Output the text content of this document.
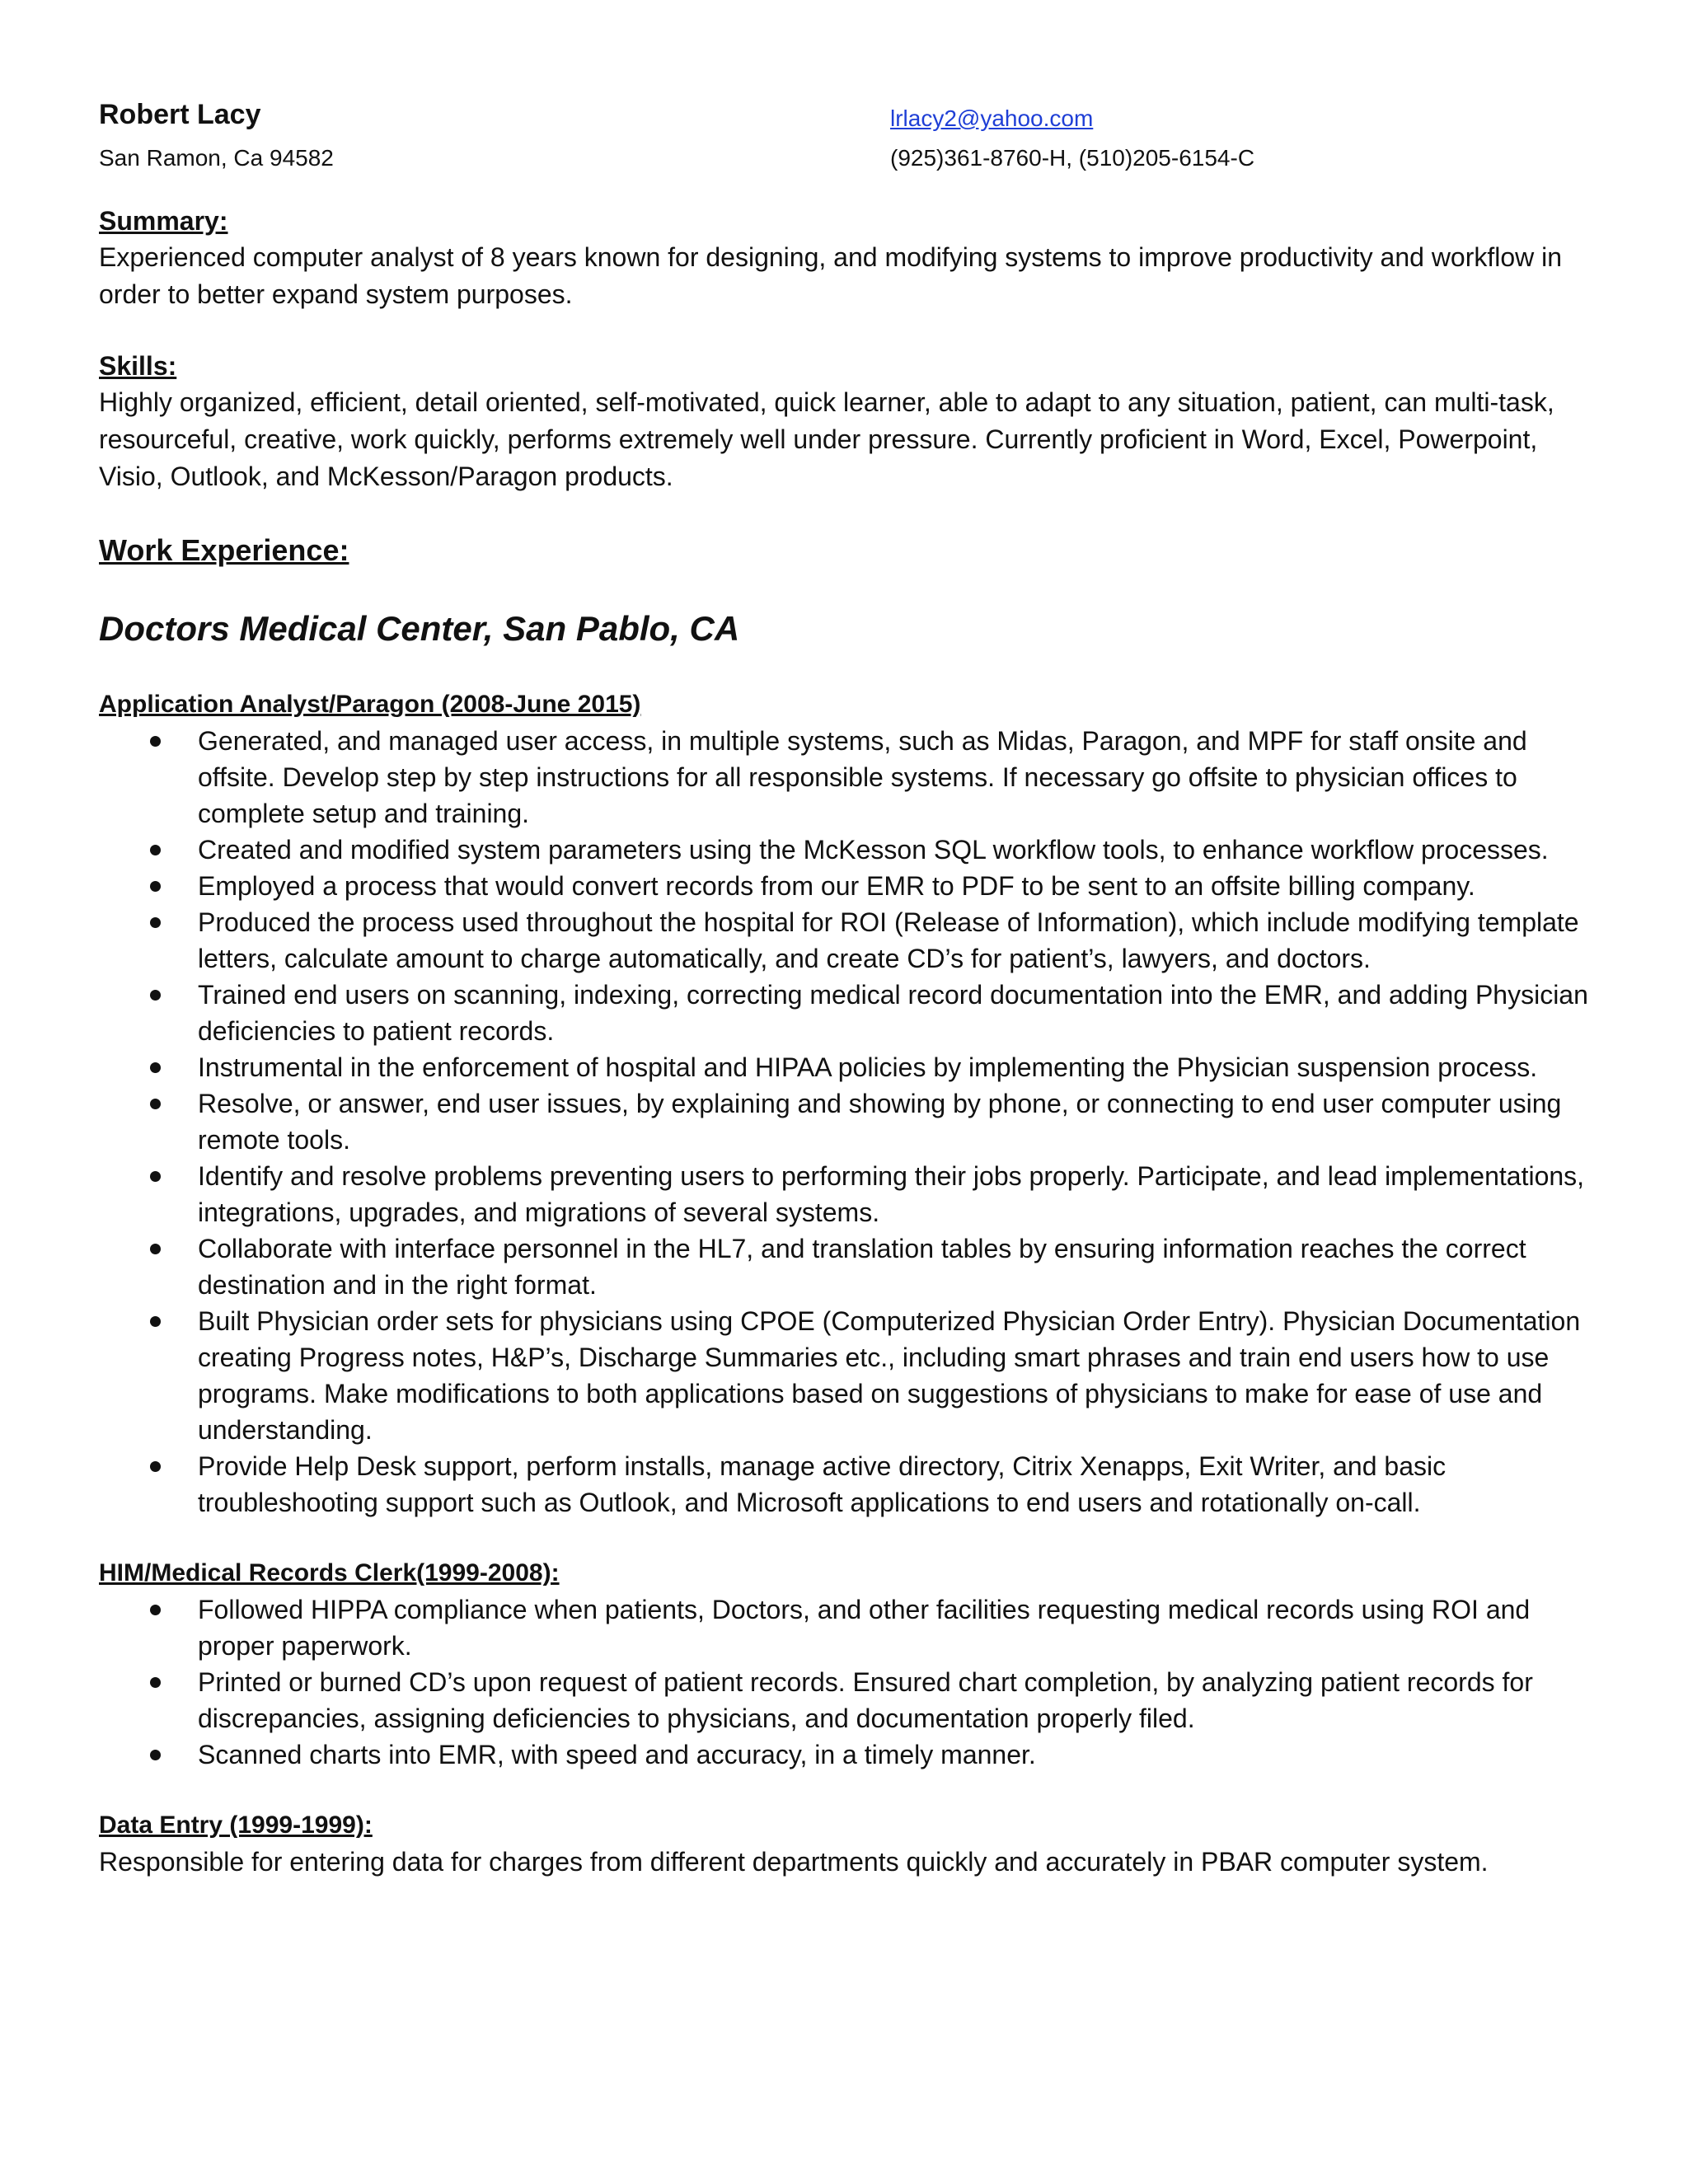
Robert Lacy	lrlacy2@yahoo.com
San Ramon, Ca 94582	(925)361-8760-H, (510)205-6154-C
Summary:
Experienced computer analyst of 8 years known for designing, and modifying systems to improve productivity and workflow in order to better expand system purposes.
Skills:
Highly organized, efficient, detail oriented, self-motivated, quick learner, able to adapt to any situation, patient, can multi-task, resourceful, creative, work quickly, performs extremely well under pressure. Currently proficient in Word, Excel, Powerpoint, Visio, Outlook, and McKesson/Paragon products.
Work Experience:
Doctors Medical Center, San Pablo, CA
Application Analyst/Paragon (2008-June 2015)
Generated, and managed user access, in multiple systems, such as Midas, Paragon, and MPF for staff onsite and offsite. Develop step by step instructions for all responsible systems. If necessary go offsite to physician offices to complete setup and training.
Created and modified system parameters using the McKesson SQL workflow tools, to enhance workflow processes.
Employed a process that would convert records from our EMR to PDF to be sent to an offsite billing company.
Produced the process used throughout the hospital for ROI (Release of Information), which include modifying template letters, calculate amount to charge automatically, and create CD’s for patient’s, lawyers, and doctors.
Trained end users on scanning, indexing, correcting medical record documentation into the EMR, and adding Physician deficiencies to patient records.
Instrumental in the enforcement of hospital and HIPAA policies by implementing the Physician suspension process.
Resolve, or answer, end user issues, by explaining and showing by phone, or connecting to end user computer using remote tools.
Identify and resolve problems preventing users to performing their jobs properly. Participate, and lead implementations, integrations, upgrades, and migrations of several systems.
Collaborate with interface personnel in the HL7, and translation tables by ensuring information reaches the correct destination and in the right format.
Built Physician order sets for physicians using CPOE (Computerized Physician Order Entry). Physician Documentation creating Progress notes, H&P’s, Discharge Summaries etc., including smart phrases and train end users how to use programs. Make modifications to both applications based on suggestions of physicians to make for ease of use and understanding.
Provide Help Desk support, perform installs, manage active directory, Citrix Xenapps, Exit Writer, and basic troubleshooting support such as Outlook, and Microsoft applications to end users and rotationally on-call.
HIM/Medical Records Clerk(1999-2008):
Followed HIPPA compliance when patients, Doctors, and other facilities requesting medical records using ROI and proper paperwork.
Printed or burned CD’s upon request of patient records. Ensured chart completion, by analyzing patient records for discrepancies, assigning deficiencies to physicians, and documentation properly filed.
Scanned charts into EMR, with speed and accuracy, in a timely manner.
Data Entry (1999-1999):
Responsible for entering data for charges from different departments quickly and accurately in PBAR computer system.
